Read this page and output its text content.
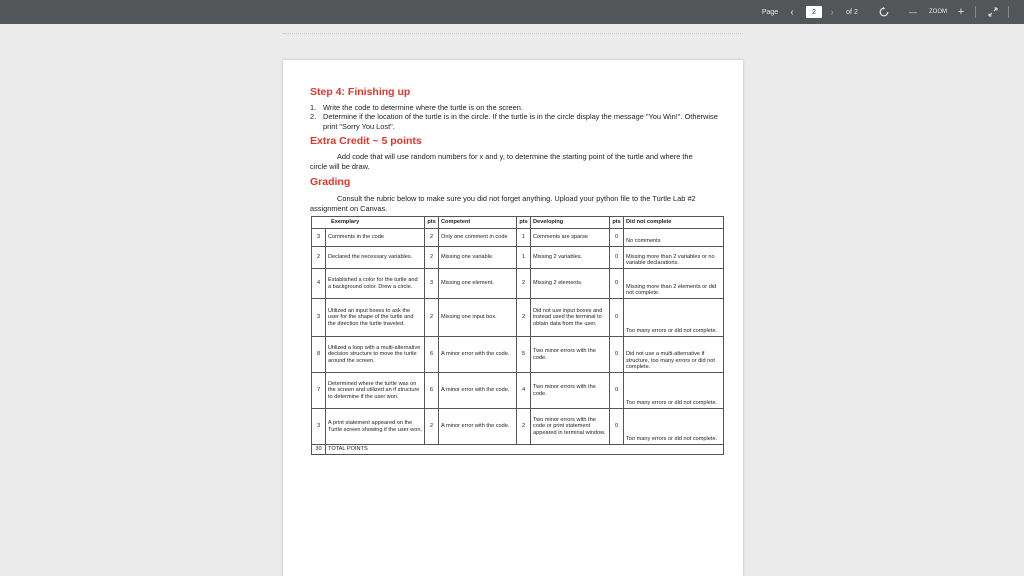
Page	‹	2	›	of 2	—	ZOOM +
Step 4: Finishing up
1. Write the code to determine where the turtle is on the screen.
2. Determine if the location of the turtle is in the circle. If the turtle is in the circle display the message "You Win!". Otherwise print "Sorry You Lost".
Extra Credit ~ 5 points
Add code that will use random numbers for x and y, to determine the starting point of the turtle and where the circle will be draw.
Grading
Consult the rubric below to make sure you did not forget anything. Upload your python file to the Turtle Lab #2 assignment on Canvas.
Exemplary		pts	Competent	pts	Developing	pts	Did not complete
3	Comments in the code	2	Only one comment in code	1	Comments are sparse	0	No comments
2	Declared the necessary variables.	2	Missing one variable.	1	Missing 2 variables.	0	Missing more than 2 variables or no variable declarations.
4	Established a color for the turtle and a background color. Drew a circle.	3	Missing one element.	2	Missing 2 elements.	0	Missing more than 2 elements or did not complete.
3	Utilized an input boxes to ask the user for the shape of the turtle and the direction the turtle traveled.	2	Missing one input box.	2	Did not use input boxes and instead used the terminal to obtain data from the user.	0	Too many errors or did not complete.
8	Utilized a loop with a multi-alternative decision structure to move the turtle around the screen.	6	A minor error with the code.	5	Two minor errors with the code.	0	Did not use a multi-alternative if structure, too many errors or did not complete.
7	Determined where the turtle was on the screen and utilized an if structure to determine if the user won.	6	A minor error with the code.	4	Two minor errors with the code.	0	Too many errors or did not complete.
3	A print statement appeared on the Turtle screen showing if the user won.	2	A minor error with the code.	2	Two minor errors with the code or print statement appeared in terminal window.	0	Too many errors or did not complete.
30	TOTAL POINTS						
